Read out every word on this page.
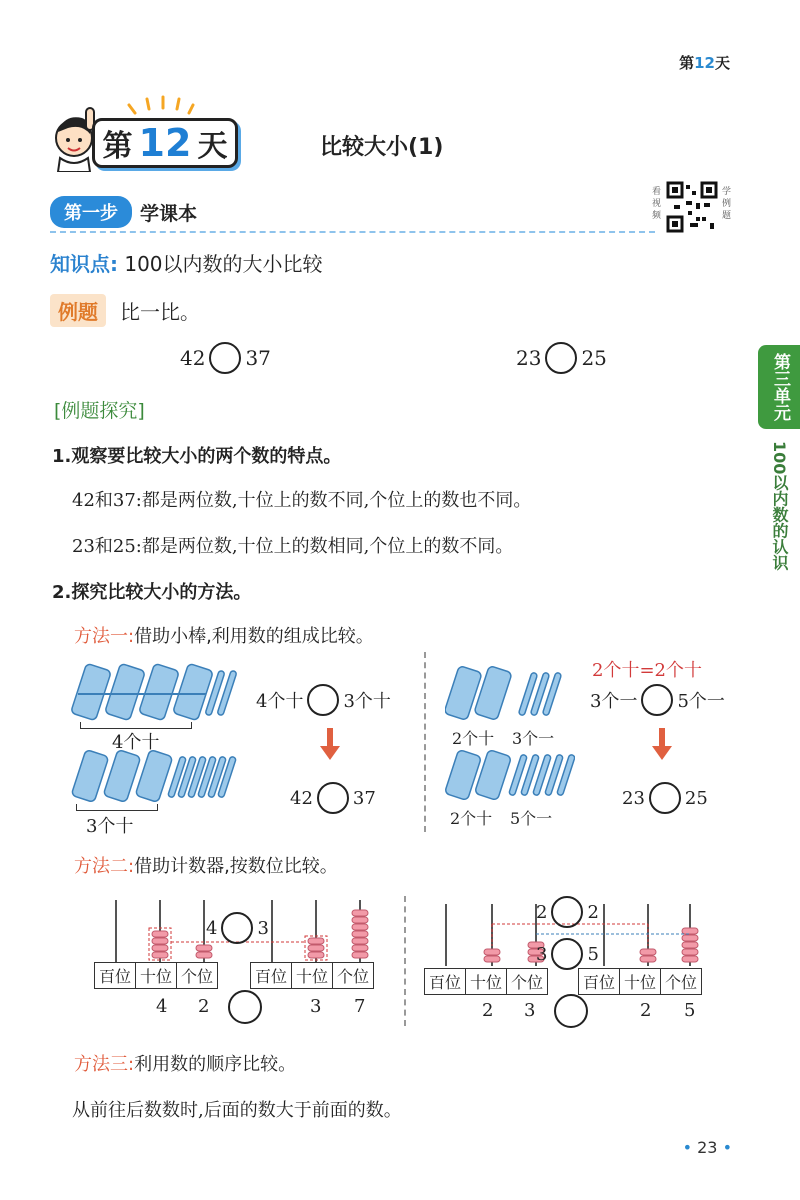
第12天
第 12 天	比较大小(1)
第一步	学课本
看视频
学例题
知识点: 100以内数的大小比较
例题	比一比。
42 37	23 25
[例题探究]
1.观察要比较大小的两个数的特点。
42和37:都是两位数,十位上的数不同,个位上的数也不同。
23和25:都是两位数,十位上的数相同,个位上的数不同。
2.探究比较大小的方法。
方法一:借助小棒,利用数的组成比较。
4个十
3个十
4个十 3个十
42 37
2个十=2个十
2个十 3个一
2个十 5个一
3个一 5个一
23 25
方法二:借助计数器,按数位比较。
4 3
百位 十位 个位	百位 十位 个位
4 2	3 7
2 2
3 5
百位 十位 个位 百位 十位 个位
2 3	2 5
方法三:利用数的顺序比较。
从前往后数数时,后面的数大于前面的数。
第三单元
100以内数的认识
• 23 •
